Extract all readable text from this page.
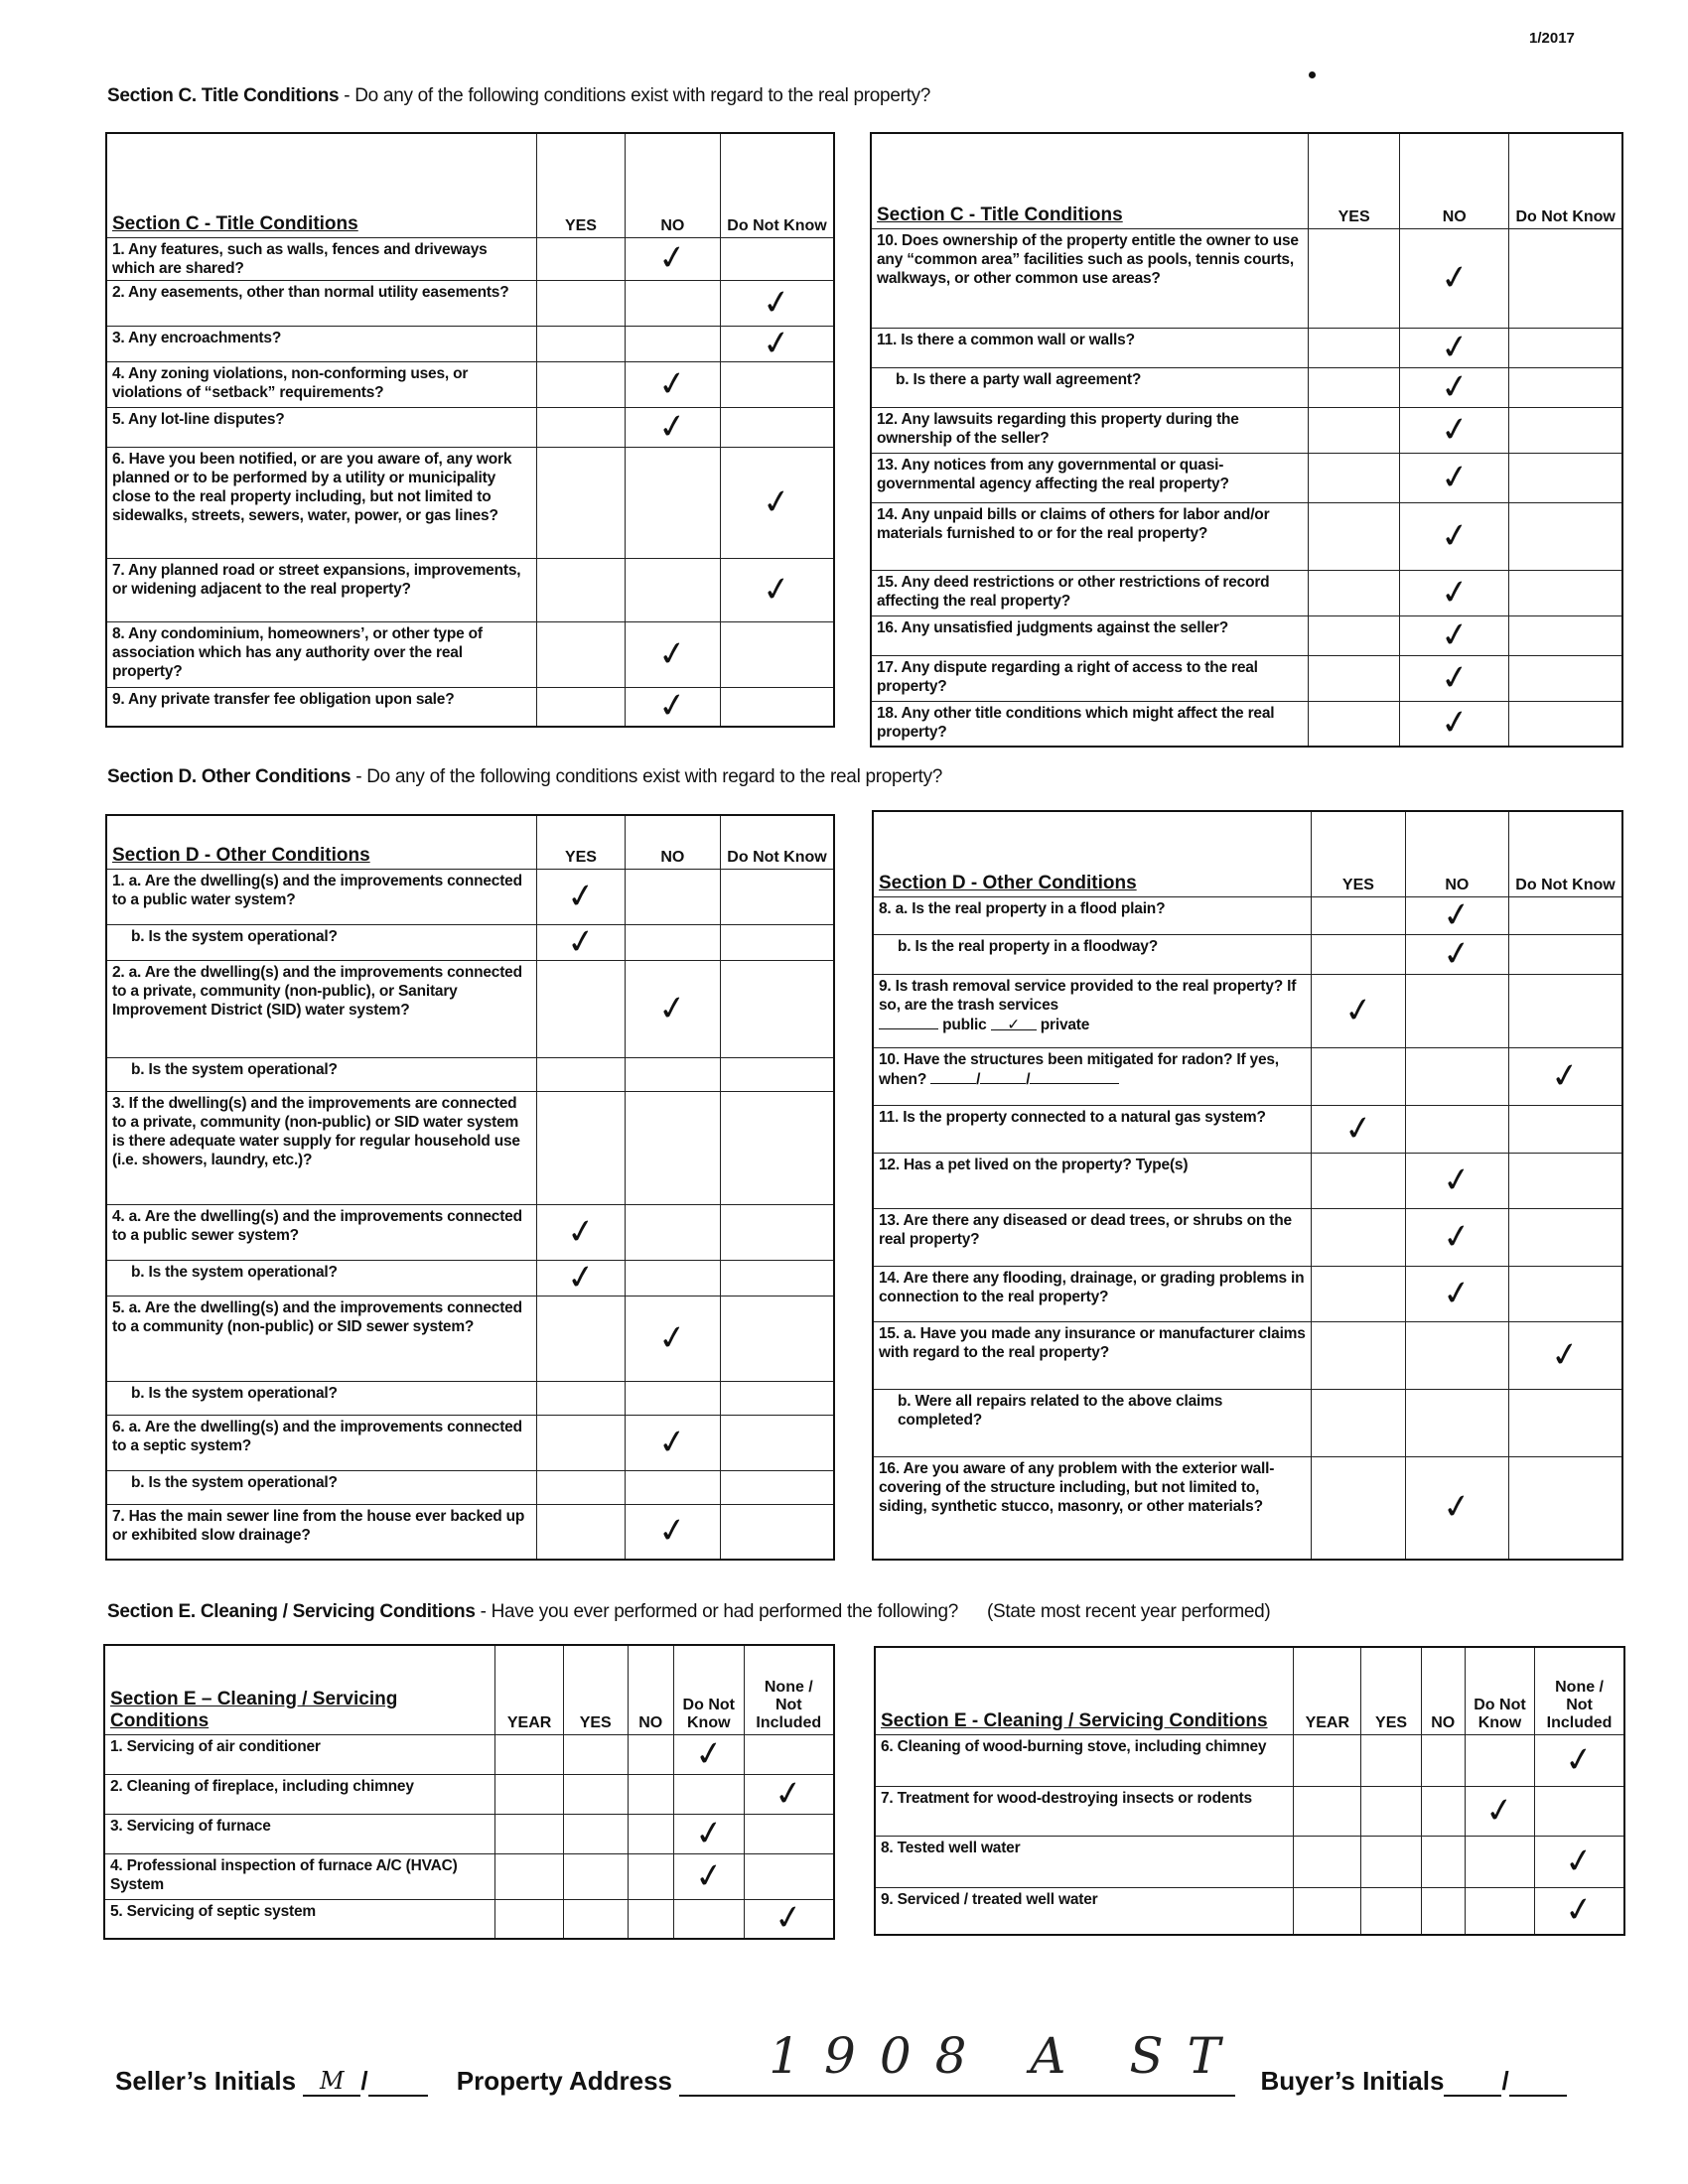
1/2017
Section C. Title Conditions - Do any of the following conditions exist with regard to the real property?
Section C - Title Conditions	YES	NO	Do Not Know
1. Any features, such as walls, fences and driveways which are shared?		✓	
2. Any easements, other than normal utility easements?			✓
3. Any encroachments?			✓
4. Any zoning violations, non-conforming uses, or violations of “setback” requirements?		✓	
5. Any lot-line disputes?		✓	
6. Have you been notified, or are you aware of, any work planned or to be performed by a utility or municipality close to the real property including, but not limited to sidewalks, streets, sewers, water, power, or gas lines?			✓
7. Any planned road or street expansions, improvements, or widening adjacent to the real property?			✓
8. Any condominium, homeowners’, or other type of association which has any authority over the real property?		✓	
9. Any private transfer fee obligation upon sale?		✓	
Section C - Title Conditions	YES	NO	Do Not Know
10. Does ownership of the property entitle the owner to use any “common area” facilities such as pools, tennis courts, walkways, or other common use areas?		✓	
11. Is there a common wall or walls?		✓	
b. Is there a party wall agreement?		✓	
12. Any lawsuits regarding this property during the ownership of the seller?		✓	
13. Any notices from any governmental or quasi-governmental agency affecting the real property?		✓	
14. Any unpaid bills or claims of others for labor and/or materials furnished to or for the real property?		✓	
15. Any deed restrictions or other restrictions of record affecting the real property?		✓	
16. Any unsatisfied judgments against the seller?		✓	
17. Any dispute regarding a right of access to the real property?		✓	
18. Any other title conditions which might affect the real property?		✓	
Section D. Other Conditions - Do any of the following conditions exist with regard to the real property?
Section D - Other Conditions	YES	NO	Do Not Know
1. a. Are the dwelling(s) and the improvements connected to a public water system?	✓		
b. Is the system operational?	✓		
2. a. Are the dwelling(s) and the improvements connected to a private, community (non-public), or Sanitary Improvement District (SID) water system?		✓	
b. Is the system operational?			
3. If the dwelling(s) and the improvements are connected to a private, community (non-public) or SID water system is there adequate water supply for regular household use (i.e. showers, laundry, etc.)?			
4. a. Are the dwelling(s) and the improvements connected to a public sewer system?	✓		
b. Is the system operational?	✓		
5. a. Are the dwelling(s) and the improvements connected to a community (non-public) or SID sewer system?		✓	
b. Is the system operational?			
6. a. Are the dwelling(s) and the improvements connected to a septic system?		✓	
b. Is the system operational?			
7. Has the main sewer line from the house ever backed up or exhibited slow drainage?		✓	
Section D - Other Conditions	YES	NO	Do Not Know
8. a. Is the real property in a flood plain?		✓	
b. Is the real property in a floodway?		✓	
9. Is trash removal service provided to the real property? If so, are the trash services
public ✓ private	✓		
10. Have the structures been mitigated for radon? If yes, when? / /			✓
11. Is the property connected to a natural gas system?	✓		
12. Has a pet lived on the property? Type(s)		✓	
13. Are there any diseased or dead trees, or shrubs on the real property?		✓	
14. Are there any flooding, drainage, or grading problems in connection to the real property?		✓	
15. a. Have you made any insurance or manufacturer claims with regard to the real property?			✓
b. Were all repairs related to the above claims completed?			
16. Are you aware of any problem with the exterior wall-covering of the structure including, but not limited to, siding, synthetic stucco, masonry, or other materials?		✓	
Section E. Cleaning / Servicing Conditions - Have you ever performed or had performed the following? (State most recent year performed)
Section E – Cleaning / Servicing Conditions	YEAR	YES	NO	Do Not Know	None / Not Included
1. Servicing of air conditioner				✓	
2. Cleaning of fireplace, including chimney					✓
3. Servicing of furnace				✓	
4. Professional inspection of furnace A/C (HVAC) System				✓	
5. Servicing of septic system					✓
Section E - Cleaning / Servicing Conditions	YEAR	YES	NO	Do Not Know	None / Not Included
6. Cleaning of wood-burning stove, including chimney					✓
7. Treatment for wood-destroying insects or rodents				✓	
8. Tested well water					✓
9. Serviced / treated well water					✓
Seller’s Initials M /	Property Address 1908 A ST Buyer’s Initials /
